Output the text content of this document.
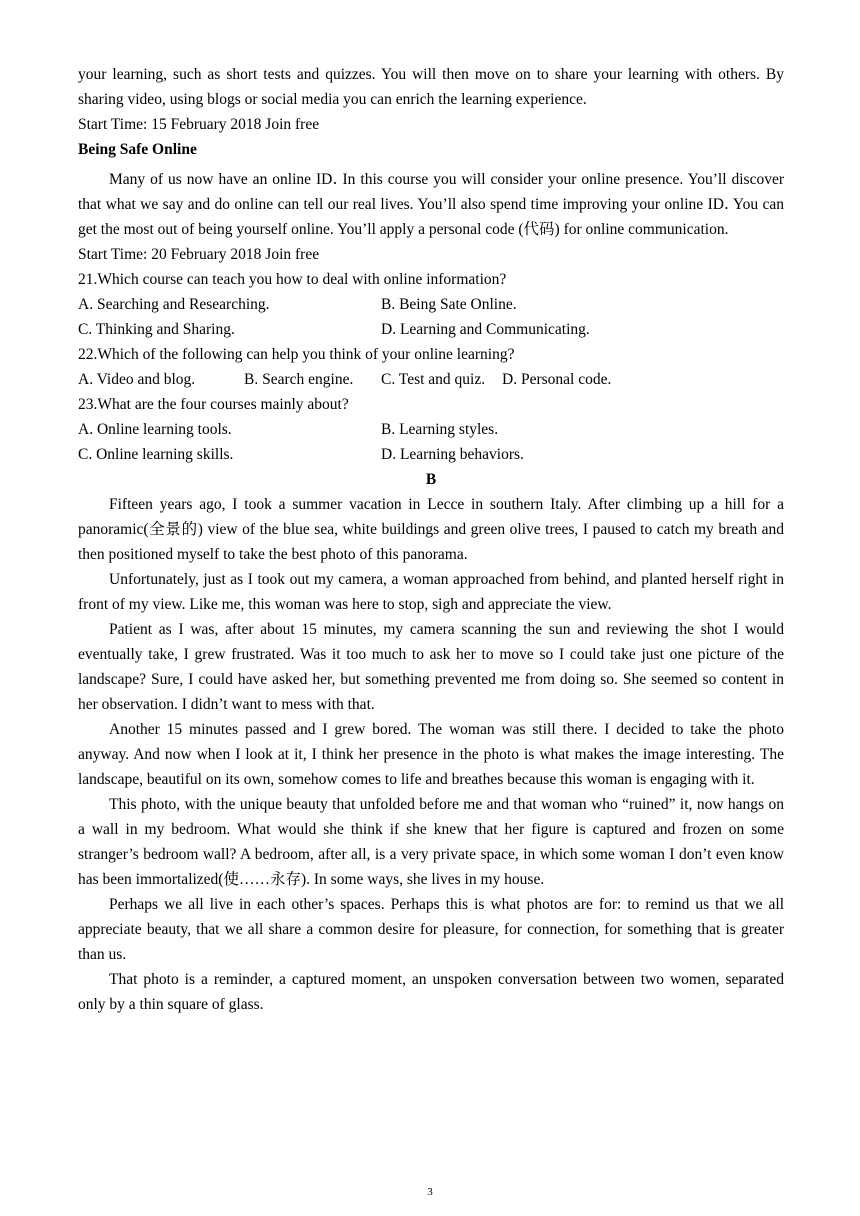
your learning, such as short tests and quizzes. You will then move on to share your learning with others. By sharing video, using blogs or social media you can enrich the learning experience.

Start Time: 15 February 2018 Join free
Being Safe Online

Many of us now have an online ID․ In this course you will consider your online presence. You’ll discover that what we say and do online can tell our real lives. You’ll also spend time improving your online ID․ You can get the most out of being yourself online. You’ll apply a personal code (代码) for online communication.

Start Time: 20 February 2018 Join free
21.Which course can teach you how to deal with online information?
A. Searching and Researching.	B. Being Sate Online.
C. Thinking and Sharing.	D. Learning and Communicating.
22.Which of the following can help you think of your online learning?
A. Video and blog.	B. Search engine.	C. Test and quiz.	D. Personal code.
23.What are the four courses mainly about?
A. Online learning tools.	B. Learning styles.
C. Online learning skills.	D. Learning behaviors.
B

Fifteen years ago, I took a summer vacation in Lecce in southern Italy. After climbing up a hill for a panoramic(全景的) view of the blue sea, white buildings and green olive trees, I paused to catch my breath and then positioned myself to take the best photo of this panorama.

Unfortunately, just as I took out my camera, a woman approached from behind, and planted herself right in front of my view. Like me, this woman was here to stop, sigh and appreciate the view.

Patient as I was, after about 15 minutes, my camera scanning the sun and reviewing the shot I would eventually take, I grew frustrated. Was it too much to ask her to move so I could take just one picture of the landscape? Sure, I could have asked her, but something prevented me from doing so. She seemed so content in her observation. I didn’t want to mess with that.

Another 15 minutes passed and I grew bored. The woman was still there. I decided to take the photo anyway. And now when I look at it, I think her presence in the photo is what makes the image interesting. The landscape, beautiful on its own, somehow comes to life and breathes because this woman is engaging with it.

This photo, with the unique beauty that unfolded before me and that woman who “ruined” it, now hangs on a wall in my bedroom. What would she think if she knew that her figure is captured and frozen on some stranger’s bedroom wall? A bedroom, after all, is a very private space, in which some woman I don’t even know has been immortalized(使……永存). In some ways, she lives in my house.

Perhaps we all live in each other’s spaces. Perhaps this is what photos are for: to remind us that we all appreciate beauty, that we all share a common desire for pleasure, for connection, for something that is greater than us.

That photo is a reminder, a captured moment, an unspoken conversation between two women, separated only by a thin square of glass.

3
